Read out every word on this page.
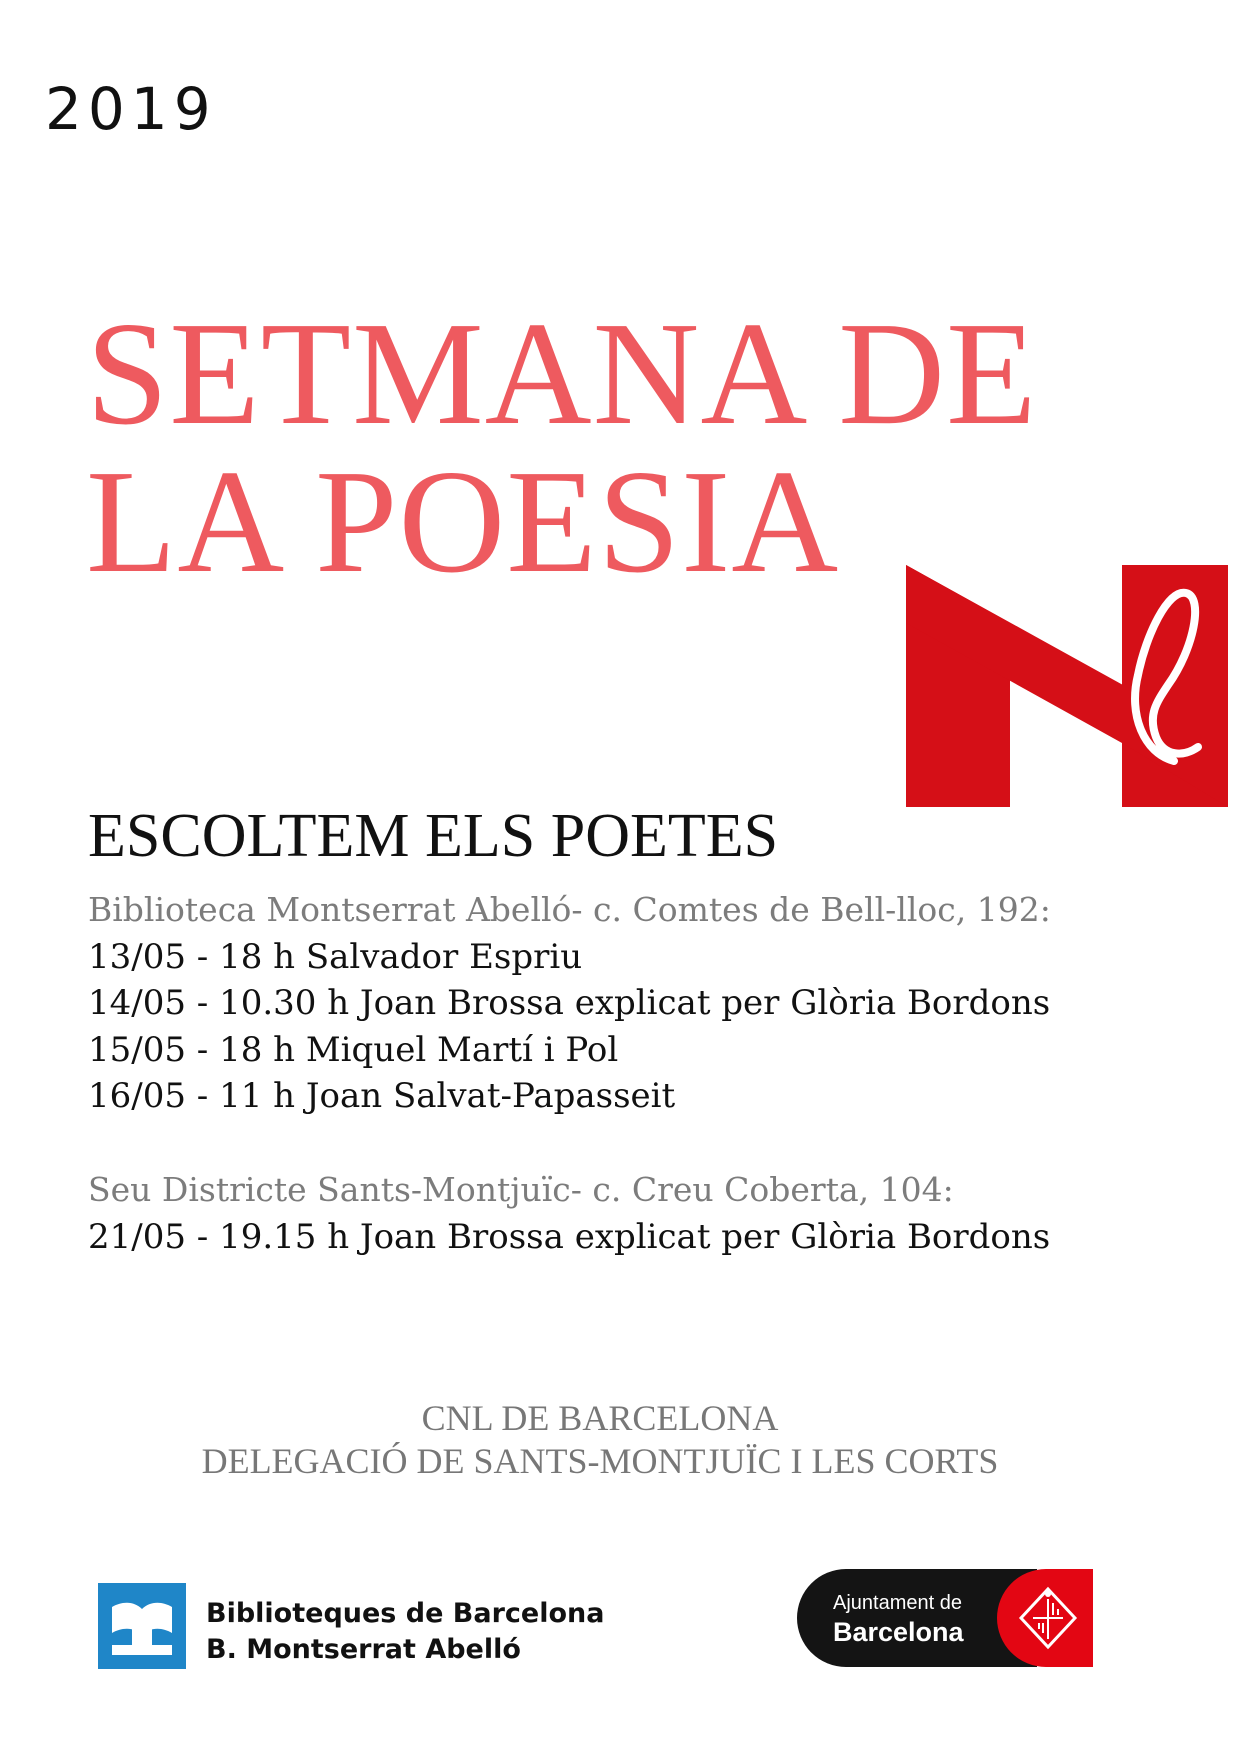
2019
SETMANA DE
LA POESIA
ESCOLTEM ELS POETES
Biblioteca Montserrat Abelló- c. Comtes de Bell-lloc, 192:
13/05 - 18 h Salvador Espriu
14/05 - 10.30 h Joan Brossa explicat per Glòria Bordons
15/05 - 18 h Miquel Martí i Pol
16/05 - 11 h Joan Salvat-Papasseit
Seu Districte Sants-Montjuïc- c. Creu Coberta, 104:
21/05 - 19.15 h Joan Brossa explicat per Glòria Bordons
CNL DE BARCELONA
DELEGACIÓ DE SANTS-MONTJUÏC I LES CORTS
Biblioteques de Barcelona
B. Montserrat Abelló
Ajuntament de
Barcelona
